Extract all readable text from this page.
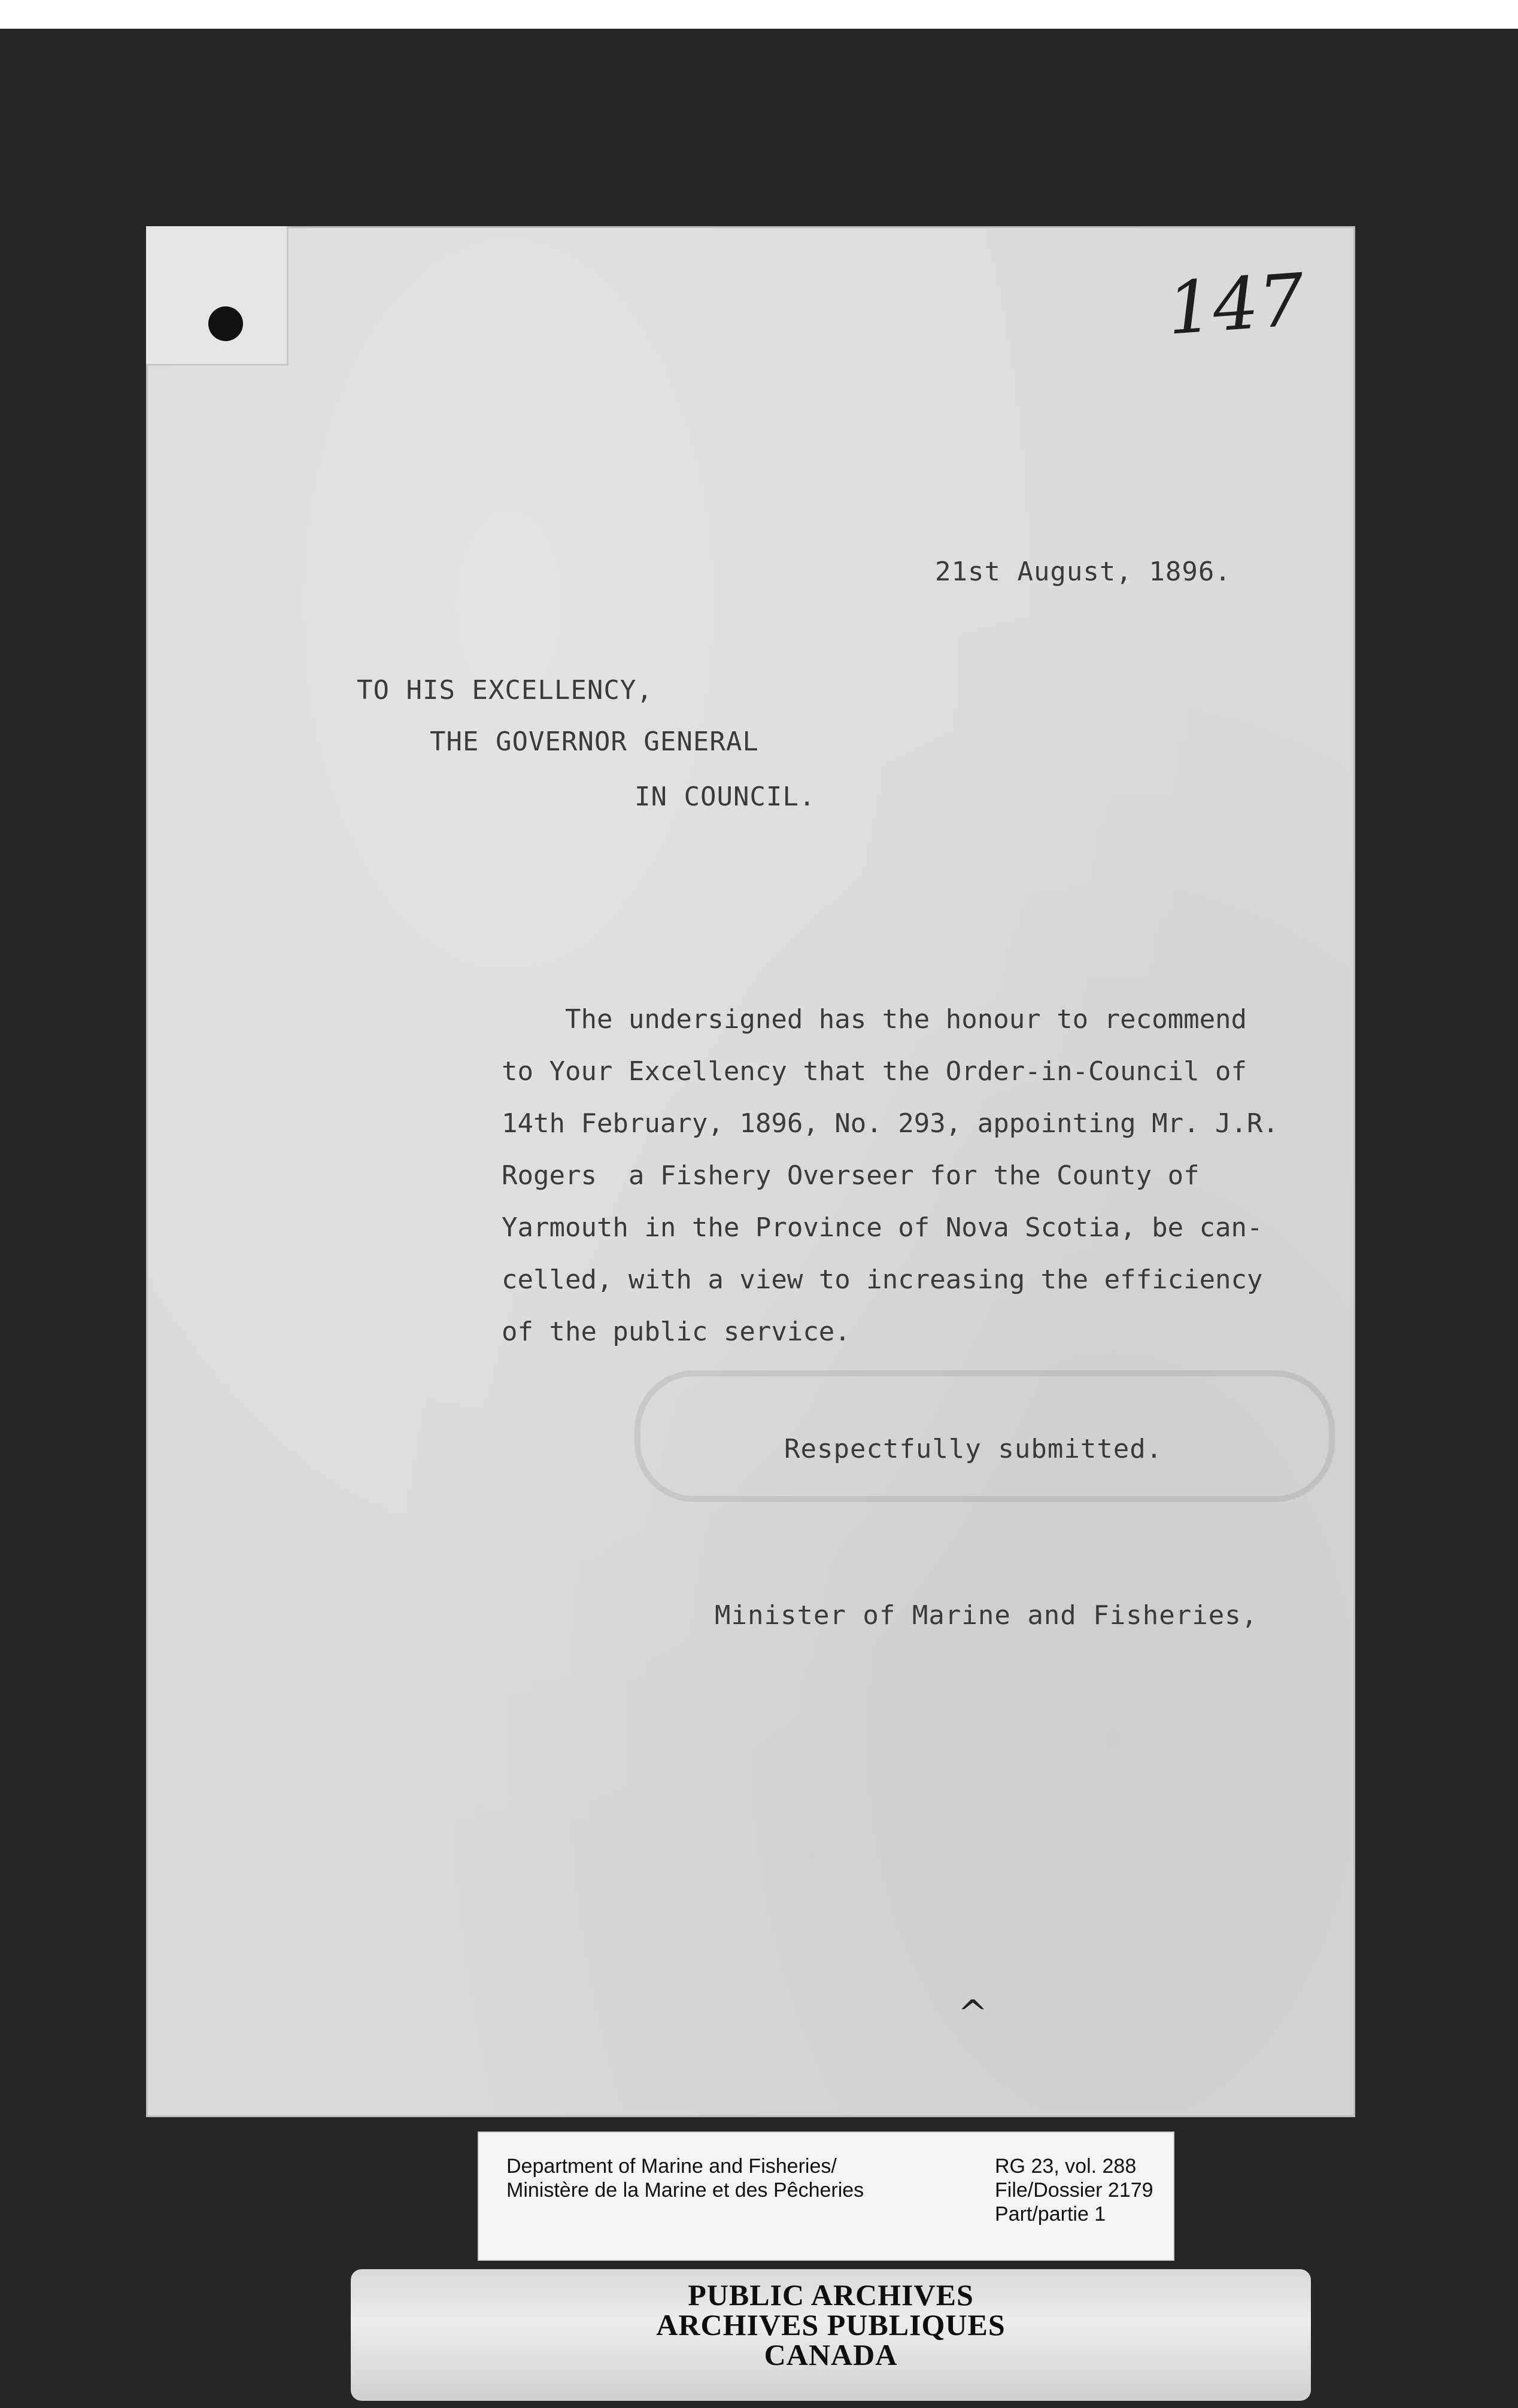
147

21st August, 1896.

TO HIS EXCELLENCY,

THE GOVERNOR GENERAL

IN COUNCIL.

The undersigned has the honour to recommend
to Your Excellency that the Order-in-Council of
14th February, 1896, No. 293, appointing Mr. J.R.
Rogers  a Fishery Overseer for the County of
Yarmouth in the Province of Nova Scotia, be can-
celled, with a view to increasing the efficiency
of the public service.

Respectfully submitted.

Minister of Marine and Fisheries,

^
Department of Marine and Fisheries/
Ministère de la Marine et des Pêcheries
RG 23, vol. 288
File/Dossier 2179
Part/partie 1
PUBLIC ARCHIVES
ARCHIVES PUBLIQUES
CANADA
